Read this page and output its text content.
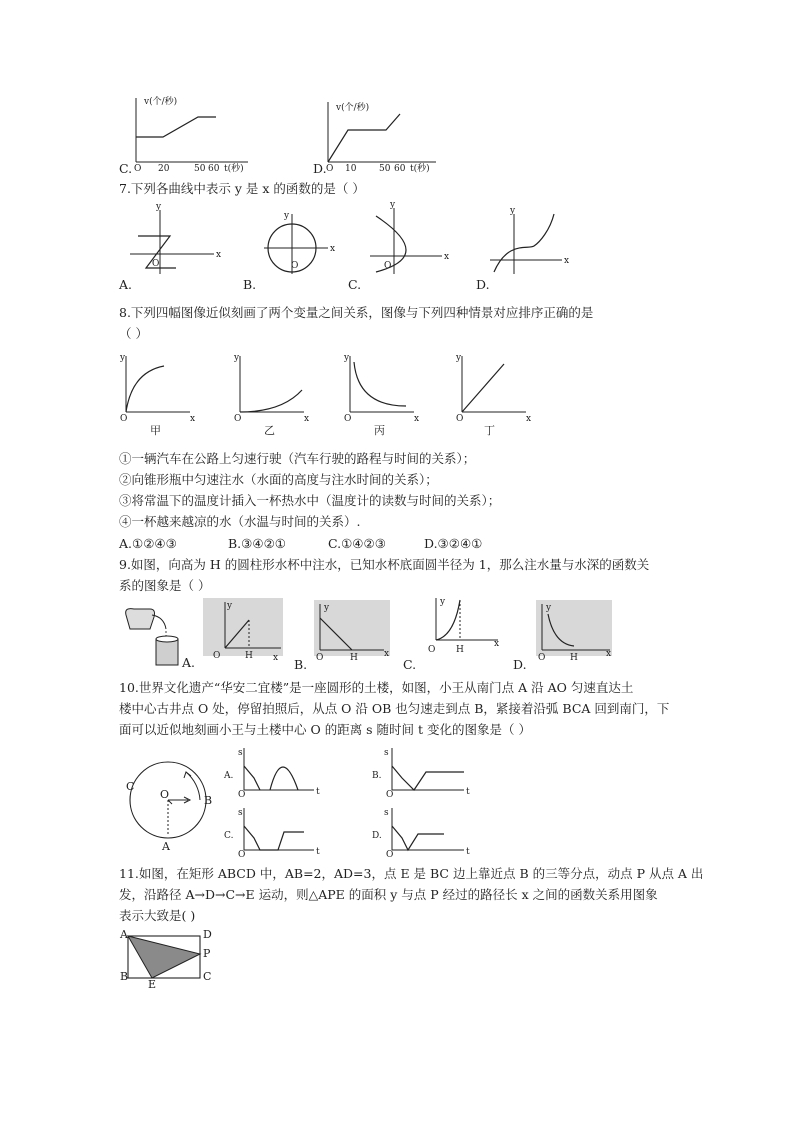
v(个/秒)
O 20	50 60 t(秒)
C.
v(个/秒)
O 10	50 60 t(秒)
D.
7.下列各曲线中表示 y 是 x 的函数的是（ ）
x
y
O
A.
x
y
O
B.
x
y
O
C.
x
y
D.
8.下列四幅图像近似刻画了两个变量之间关系，图像与下列四种情景对应排序正确的是
（ ）
x
y
O
甲
x
y
O
乙
x
y
O
丙
x
y
O
丁
①一辆汽车在公路上匀速行驶（汽车行驶的路程与时间的关系）；
②向锥形瓶中匀速注水（水面的高度与注水时间的关系）；
③将常温下的温度计插入一杯热水中（温度计的读数与时间的关系）；
④一杯越来越凉的水（水温与时间的关系）.
A.①②④③	B.③④②①	C.①④②③	D.③②④①
9.如图，向高为 H 的圆柱形水杯中注水，已知水杯底面圆半径为 1，那么注水量与水深的函数关
系的图象是（ ）
A.	x
y
O	H
B.
x
y
O	H	C.
x
y
O H
D.
x
y
O	H
10.世界文化遗产“华安二宜楼”是一座圆形的土楼，如图，小王从南门点 A 沿 AO 匀速直达土
楼中心古井点 O 处，停留拍照后，从点 O 沿 OB 也匀速走到点 B，紧接着沿弧 BCA 回到南门，下
面可以近似地刻画小王与土楼中心 O 的距离 s 随时间 t 变化的图象是（ ）
O
A
B
C
A.
s
t
O
B.
s
t
O
C.
s
t
O
D.
s
t
O
11.如图，在矩形 ABCD 中，AB=2，AD=3，点 E 是 BC 边上靠近点 B 的三等分点，动点 P 从点 A 出
发，沿路径 A→D→C→E 运动，则△APE 的面积 y 与点 P 经过的路径长 x 之间的函数关系用图象
表示大致是( )
A	D
P
B
E
C
